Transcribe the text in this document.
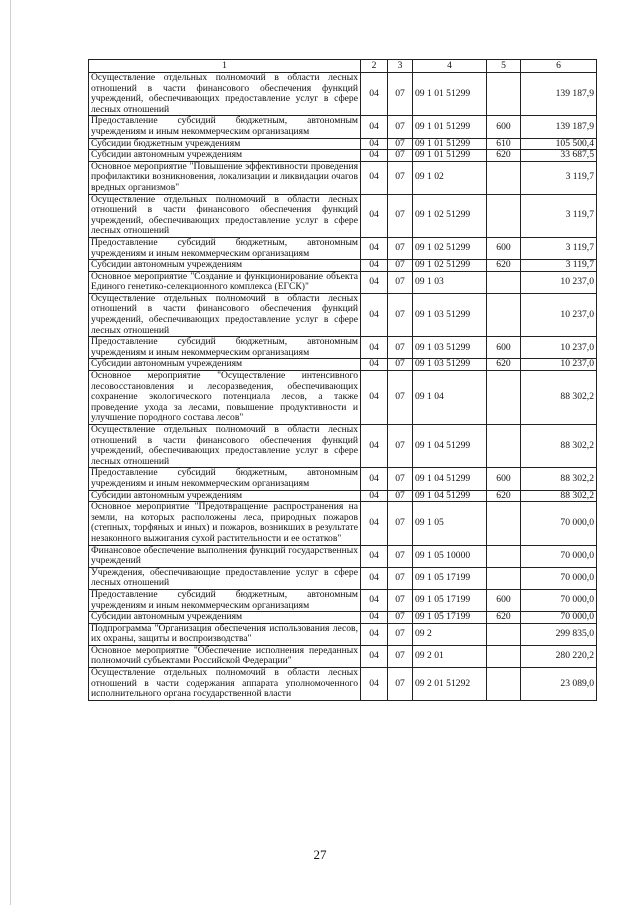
1	2	3	4	5	6
Осуществление отдельных полномочий в области лесных отношений в части финансового обеспечения функций учреждений, обеспечивающих предоставление услуг в сфере лесных отношений	04	07	09 1 01 51299		139 187,9
Предоставление субсидий бюджетным, автономным учреждениям и иным некоммерческим организациям	04	07	09 1 01 51299	600	139 187,9
Субсидии бюджетным учреждениям	04	07	09 1 01 51299	610	105 500,4
Субсидии автономным учреждениям	04	07	09 1 01 51299	620	33 687,5
Основное мероприятие "Повышение эффективности проведения профилактики возникновения, локализации и ликвидации очагов вредных организмов"	04	07	09 1 02		3 119,7
Осуществление отдельных полномочий в области лесных отношений в части финансового обеспечения функций учреждений, обеспечивающих предоставление услуг в сфере лесных отношений	04	07	09 1 02 51299		3 119,7
Предоставление субсидий бюджетным, автономным учреждениям и иным некоммерческим организациям	04	07	09 1 02 51299	600	3 119,7
Субсидии автономным учреждениям	04	07	09 1 02 51299	620	3 119,7
Основное мероприятие "Создание и функционирование объекта Единого генетико-селекционного комплекса (ЕГСК)"	04	07	09 1 03		10 237,0
Осуществление отдельных полномочий в области лесных отношений в части финансового обеспечения функций учреждений, обеспечивающих предоставление услуг в сфере лесных отношений	04	07	09 1 03 51299		10 237,0
Предоставление субсидий бюджетным, автономным учреждениям и иным некоммерческим организациям	04	07	09 1 03 51299	600	10 237,0
Субсидии автономным учреждениям	04	07	09 1 03 51299	620	10 237,0
Основное мероприятие "Осуществление интенсивного лесовосстановления и лесоразведения, обеспечивающих сохранение экологического потенциала лесов, а также проведение ухода за лесами, повышение продуктивности и улучшение породного состава лесов"	04	07	09 1 04		88 302,2
Осуществление отдельных полномочий в области лесных отношений в части финансового обеспечения функций учреждений, обеспечивающих предоставление услуг в сфере лесных отношений	04	07	09 1 04 51299		88 302,2
Предоставление субсидий бюджетным, автономным учреждениям и иным некоммерческим организациям	04	07	09 1 04 51299	600	88 302,2
Субсидии автономным учреждениям	04	07	09 1 04 51299	620	88 302,2
Основное мероприятие "Предотвращение распространения на земли, на которых расположены леса, природных пожаров (степных, торфяных и иных) и пожаров, возникших в результате незаконного выжигания сухой растительности и ее остатков"	04	07	09 1 05		70 000,0
Финансовое обеспечение выполнения функций государственных учреждений	04	07	09 1 05 10000		70 000,0
Учреждения, обеспечивающие предоставление услуг в сфере лесных отношений	04	07	09 1 05 17199		70 000,0
Предоставление субсидий бюджетным, автономным учреждениям и иным некоммерческим организациям	04	07	09 1 05 17199	600	70 000,0
Субсидии автономным учреждениям	04	07	09 1 05 17199	620	70 000,0
Подпрограмма "Организация обеспечения использования лесов, их охраны, защиты и воспроизводства"	04	07	09 2		299 835,0
Основное мероприятие "Обеспечение исполнения переданных полномочий субъектами Российской Федерации"	04	07	09 2 01		280 220,2
Осуществление отдельных полномочий в области лесных отношений в части содержания аппарата уполномоченного исполнительного органа государственной власти	04	07	09 2 01 51292		23 089,0
27
